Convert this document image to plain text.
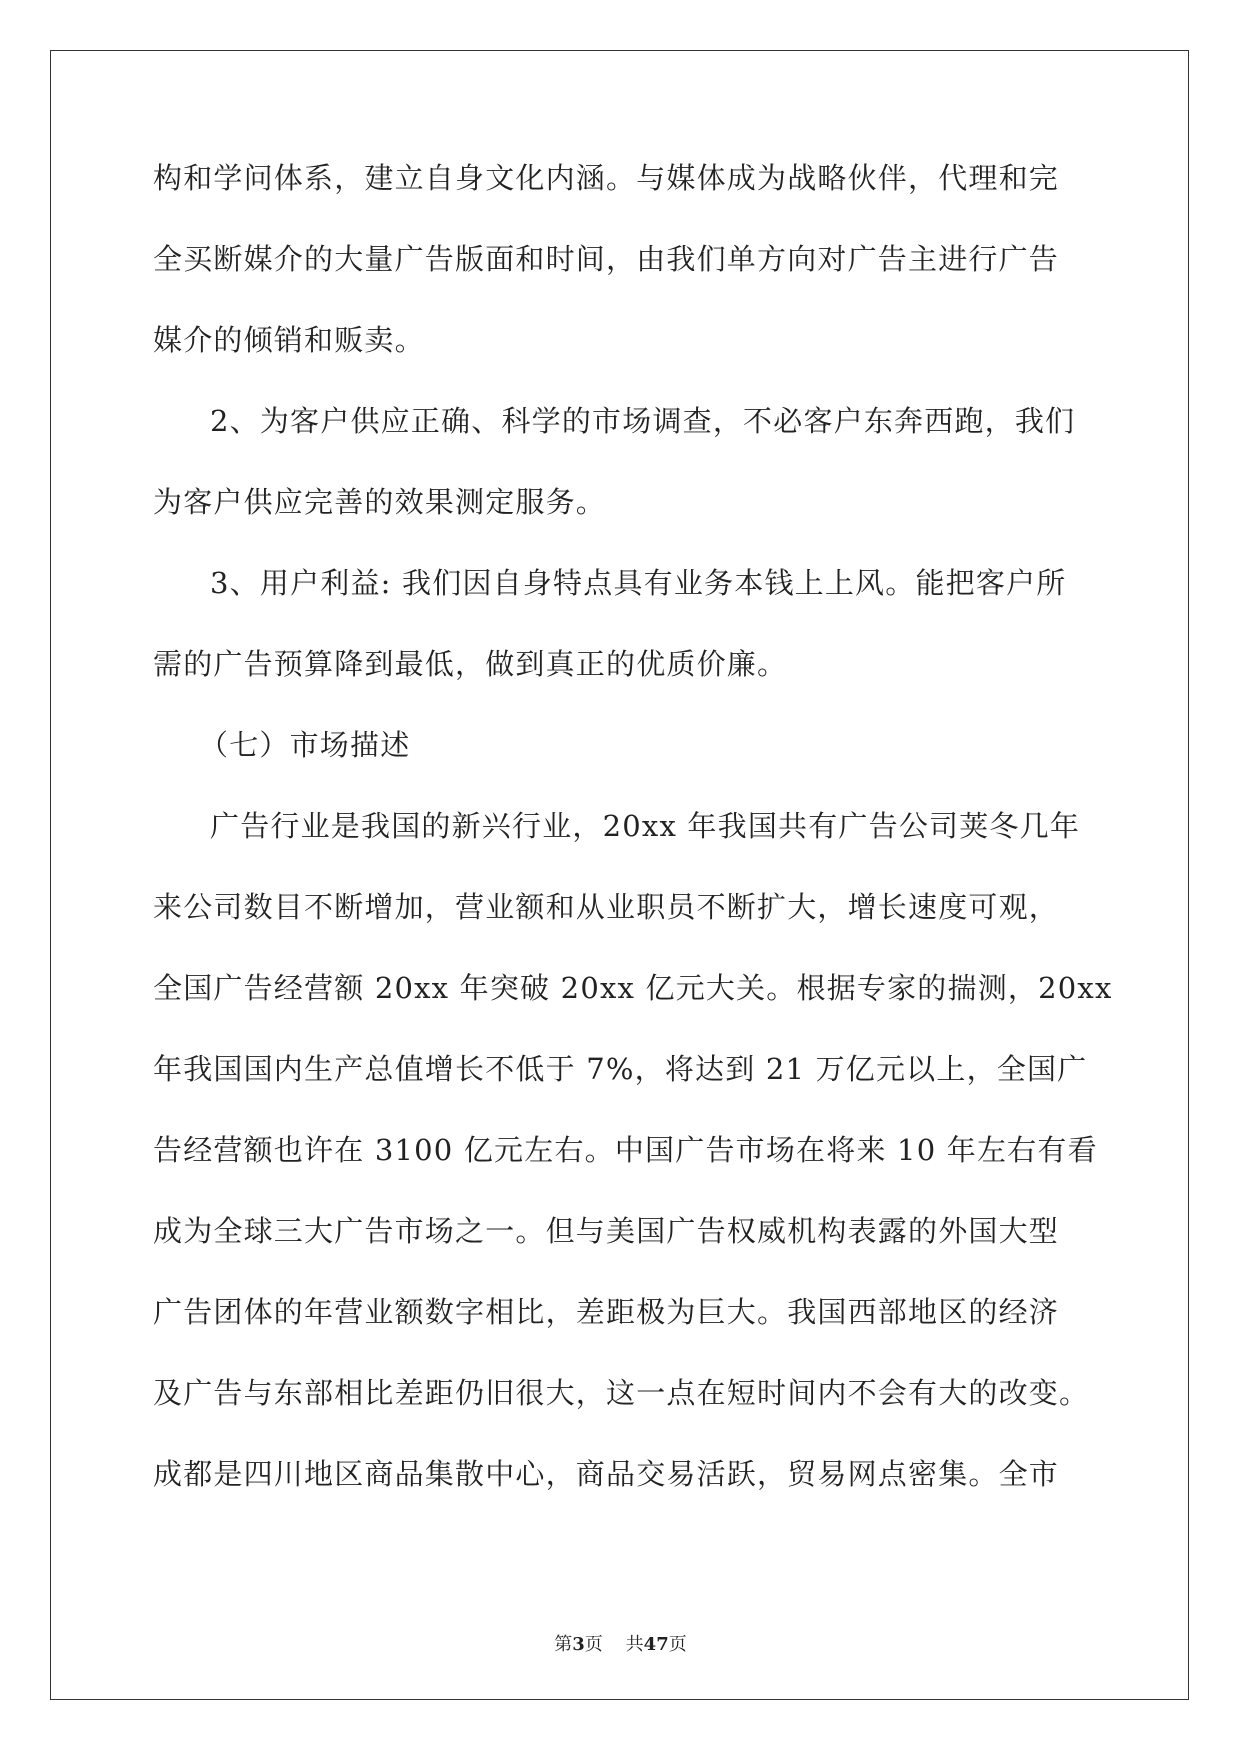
构和学问体系，建立自身文化内涵。与媒体成为战略伙伴，代理和完
全买断媒介的大量广告版面和时间，由我们单方向对广告主进行广告
媒介的倾销和贩卖。
2、为客户供应正确、科学的市场调查，不必客户东奔西跑，我们
为客户供应完善的效果测定服务。
3、用户利益: 我们因自身特点具有业务本钱上上风。能把客户所
需的广告预算降到最低，做到真正的优质价廉。
（七）市场描述
广告行业是我国的新兴行业，20xx 年我国共有广告公司荚冬几年
来公司数目不断增加，营业额和从业职员不断扩大，增长速度可观，
全国广告经营额 20xx 年突破 20xx 亿元大关。根据专家的揣测，20xx
年我国国内生产总值增长不低于 7%，将达到 21 万亿元以上，全国广
告经营额也许在 3100 亿元左右。中国广告市场在将来 10 年左右有看
成为全球三大广告市场之一。但与美国广告权威机构表露的外国大型
广告团体的年营业额数字相比，差距极为巨大。我国西部地区的经济
及广告与东部相比差距仍旧很大，这一点在短时间内不会有大的改变。
成都是四川地区商品集散中心，商品交易活跃，贸易网点密集。全市
第3页 共47页
